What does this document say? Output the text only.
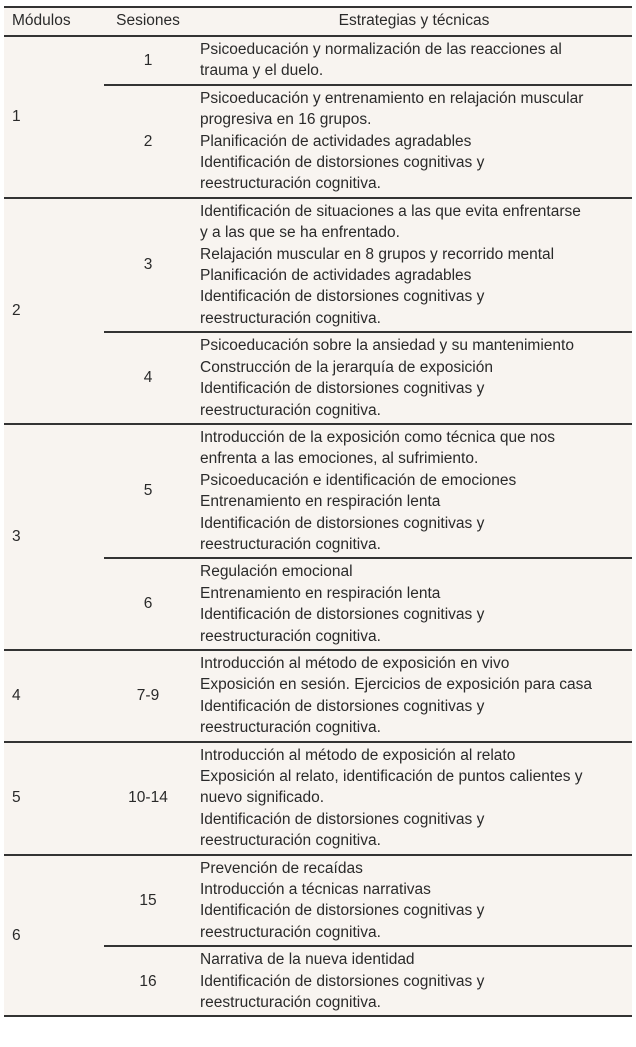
Módulos	Sesiones	Estrategias y técnicas
1	1	Psicoeducación y normalización de las reacciones al
trauma y el duelo.

	2	Psicoeducación y entrenamiento en relajación muscular
progresiva en 16 grupos.
Planificación de actividades agradables
Identificación de distorsiones cognitivas y
reestructuración cognitiva.

2	3	
Identificación de situaciones a las que evita enfrentarse
y a las que se ha enfrentado.
Relajación muscular en 8 grupos y recorrido mental
Planificación de actividades agradables
Identificación de distorsiones cognitivas y
reestructuración cognitiva.

	4	Psicoeducación sobre la ansiedad y su mantenimiento
Construcción de la jerarquía de exposición
Identificación de distorsiones cognitivas y
reestructuración cognitiva.

3	5	
Introducción de la exposición como técnica que nos
enfrenta a las emociones, al sufrimiento.
Psicoeducación e identificación de emociones
Entrenamiento en respiración lenta
Identificación de distorsiones cognitivas y
reestructuración cognitiva.

	6	Regulación emocional
Entrenamiento en respiración lenta
Identificación de distorsiones cognitivas y
reestructuración cognitiva.

4	7-9	Introducción al método de exposición en vivo
Exposición en sesión. Ejercicios de exposición para casa
Identificación de distorsiones cognitivas y
reestructuración cognitiva.

5	10-14	Introducción al método de exposición al relato
Exposición al relato, identificación de puntos calientes y
nuevo significado.
Identificación de distorsiones cognitivas y
reestructuración cognitiva.

6	15	Prevención de recaídas
Introducción a técnicas narrativas
Identificación de distorsiones cognitivas y
reestructuración cognitiva.

	16	Narrativa de la nueva identidad
Identificación de distorsiones cognitivas y
reestructuración cognitiva.
